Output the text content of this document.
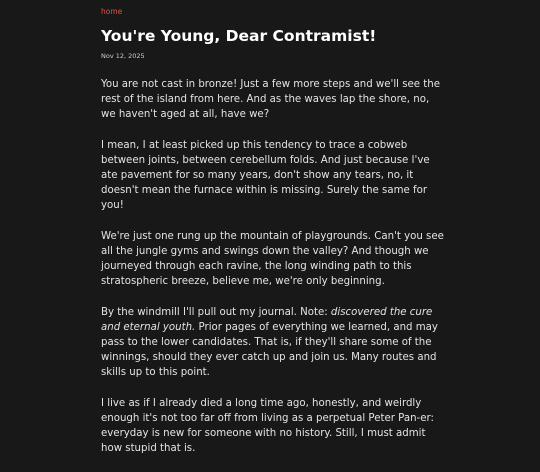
home
You're Young, Dear Contramist!
Nov 12, 2025

You are not cast in bronze! Just a few more steps and we'll see the rest of the island from here. And as the waves lap the shore, no, we haven't aged at all, have we?

I mean, I at least picked up this tendency to trace a cobweb between joints, between cerebellum folds. And just because I've ate pavement for so many years, don't show any tears, no, it doesn't mean the furnace within is missing. Surely the same for you!

We're just one rung up the mountain of playgrounds. Can't you see all the jungle gyms and swings down the valley? And though we journeyed through each ravine, the long winding path to this stratospheric breeze, believe me, we're only beginning.

By the windmill I'll pull out my journal. Note: discovered the cure and eternal youth. Prior pages of everything we learned, and may pass to the lower candidates. That is, if they'll share some of the winnings, should they ever catch up and join us. Many routes and skills up to this point.

I live as if I already died a long time ago, honestly, and weirdly enough it's not too far off from living as a perpetual Peter Pan-er: everyday is new for someone with no history. Still, I must admit how stupid that is.
